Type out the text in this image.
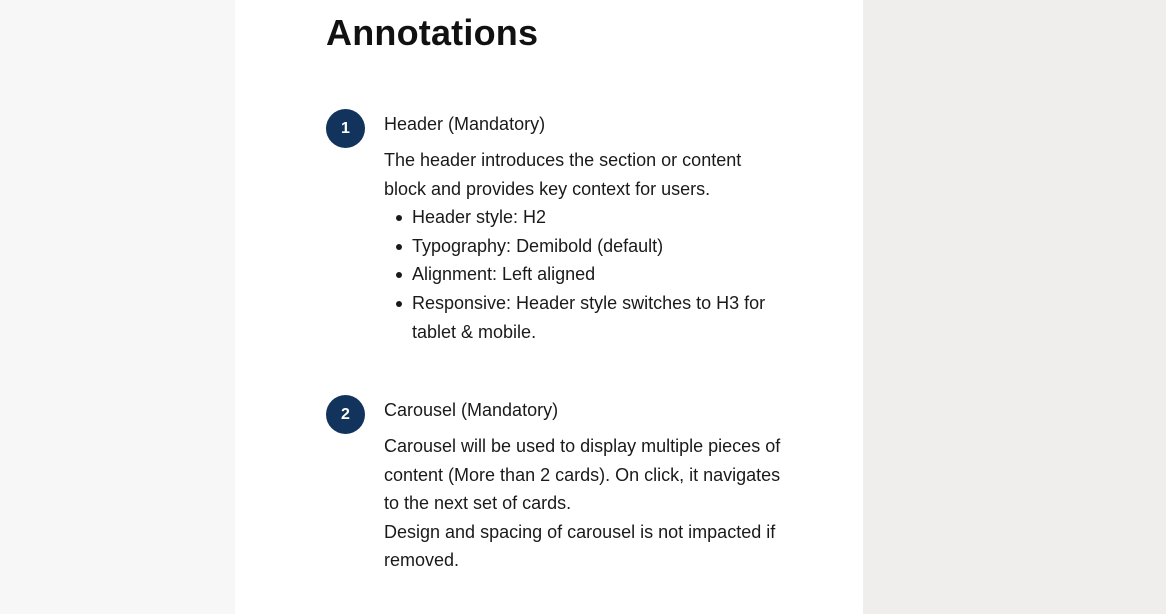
Annotations
1	Header (Mandatory)

The header introduces the section or content block and provides key context for users.

Header style: H2
Typography: Demibold (default)
Alignment: Left aligned
Responsive: Header style switches to H3 for tablet & mobile.
2	Carousel (Mandatory)

Carousel will be used to display multiple pieces of content (More than 2 cards). On click, it navigates to the next set of cards.

Design and spacing of carousel is not impacted if removed.
